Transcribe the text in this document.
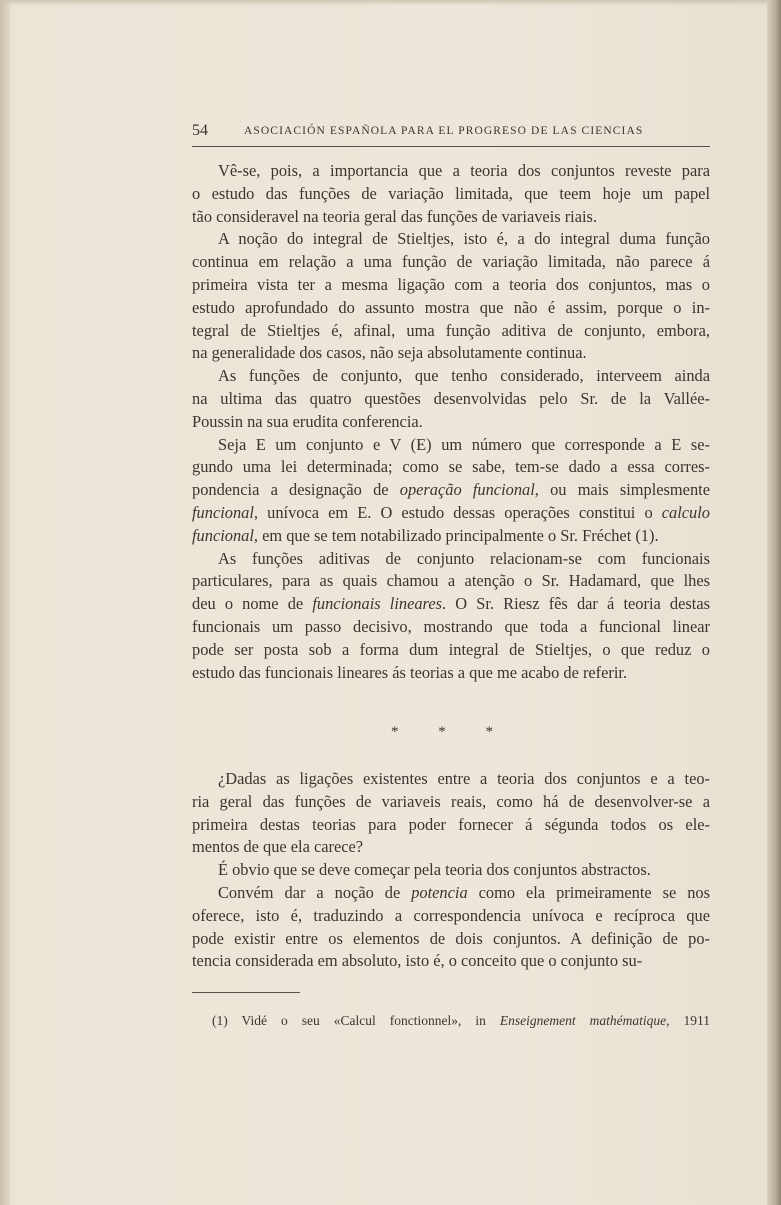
54	ASOCIACIÓN ESPAÑOLA PARA EL PROGRESO DE LAS CIENCIAS
Vê-se, pois, a importancia que a teoria dos conjuntos reveste para
o estudo das funções de variação limitada, que teem hoje um papel
tão consideravel na teoria geral das funções de variaveis riais.
A noção do integral de Stieltjes, isto é, a do integral duma função
continua em relação a uma função de variação limitada, não parece á
primeira vista ter a mesma ligação com a teoria dos conjuntos, mas o
estudo aprofundado do assunto mostra que não é assim, porque o in-
tegral de Stieltjes é, afinal, uma função aditiva de conjunto, embora,
na generalidade dos casos, não seja absolutamente continua.
As funções de conjunto, que tenho considerado, interveem ainda
na ultima das quatro questões desenvolvidas pelo Sr. de la Vallée-
Poussin na sua erudita conferencia.
Seja E um conjunto e V (E) um número que corresponde a E se-
gundo uma lei determinada; como se sabe, tem-se dado a essa corres-
pondencia a designação de operação funcional, ou mais simplesmente
funcional, unívoca em E. O estudo dessas operações constitui o calculo
funcional, em que se tem notabilizado principalmente o Sr. Fréchet (1).
As funções aditivas de conjunto relacionam-se com funcionais
particulares, para as quais chamou a atenção o Sr. Hadamard, que lhes
deu o nome de funcionais lineares. O Sr. Riesz fês dar á teoria destas
funcionais um passo decisivo, mostrando que toda a funcional linear
pode ser posta sob a forma dum integral de Stieltjes, o que reduz o
estudo das funcionais lineares ás teorias a que me acabo de referir.
* * *
¿Dadas as ligações existentes entre a teoria dos conjuntos e a teo-
ria geral das funções de variaveis reais, como há de desenvolver-se a
primeira destas teorias para poder fornecer á ségunda todos os ele-
mentos de que ela carece?
É obvio que se deve começar pela teoria dos conjuntos abstractos.
Convém dar a noção de potencia como ela primeiramente se nos
oferece, isto é, traduzindo a correspondencia unívoca e recíproca que
pode existir entre os elementos de dois conjuntos. A definição de po-
tencia considerada em absoluto, isto é, o conceito que o conjunto su-
(1) Vidé o seu «Calcul fonctionnel», in Enseignement mathématique, 1911
